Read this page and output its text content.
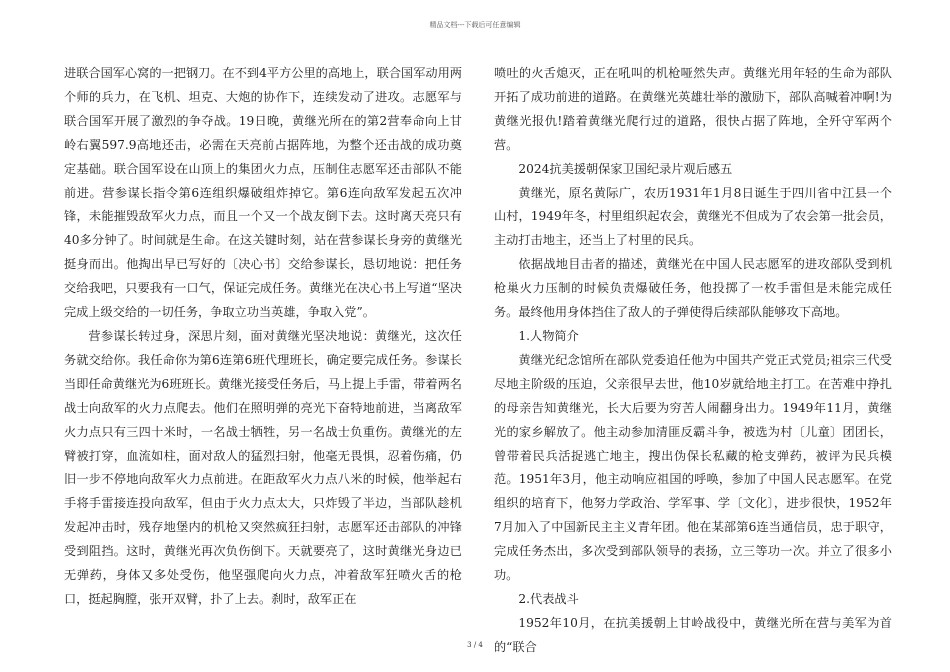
精品文档---下载后可任意编辑

进联合国军心窝的一把钢刀。在不到4平方公里的高地上，联合国军动用两个师的兵力，在飞机、坦克、大炮的协作下，连续发动了进攻。志愿军与联合国军开展了激烈的争夺战。19日晚，黄继光所在的第2营奉命向上甘岭右翼597.9高地还击，必需在天亮前占据阵地，为整个还击战的成功奠定基础。联合国军设在山顶上的集团火力点，压制住志愿军还击部队不能前进。营参谋长指令第6连组织爆破组炸掉它。第6连向敌军发起五次冲锋，未能摧毁敌军火力点，而且一个又一个战友倒下去。这时离天亮只有40多分钟了。时间就是生命。在这关键时刻，站在营参谋长身旁的黄继光挺身而出。他掏出早已写好的〔决心书〕交给参谋长，恳切地说：把任务交给我吧，只要我有一口气，保证完成任务。黄继光在决心书上写道“坚决完成上级交给的一切任务，争取立功当英雄，争取入党”。

营参谋长转过身，深思片刻，面对黄继光坚决地说：黄继光，这次任务就交给你。我任命你为第6连第6班代理班长，确定要完成任务。参谋长当即任命黄继光为6班班长。黄继光接受任务后，马上提上手雷，带着两名战士向敌军的火力点爬去。他们在照明弹的亮光下奋特地前进，当离敌军火力点只有三四十米时，一名战士牺牲，另一名战士负重伤。黄继光的左臂被打穿，血流如柱，面对敌人的猛烈扫射，他毫无畏惧，忍着伤痛，仍旧一步不停地向敌军火力点前进。在距敌军火力点八米的时候，他举起右手将手雷接连投向敌军，但由于火力点太大，只炸毁了半边，当部队趁机发起冲击时，残存地堡内的机枪又突然疯狂扫射，志愿军还击部队的冲锋受到阻挡。这时，黄继光再次负伤倒下。天就要亮了，这时黄继光身边已无弹药，身体又多处受伤，他坚强爬向火力点，冲着敌军狂喷火舌的枪口，挺起胸膛，张开双臂，扑了上去。刹时，敌军正在

喷吐的火舌熄灭，正在吼叫的机枪哑然失声。黄继光用年轻的生命为部队开拓了成功前进的道路。在黄继光英雄壮举的激励下，部队高喊着冲啊!为黄继光报仇!踏着黄继光爬行过的道路，很快占据了阵地，全歼守军两个营。

2024抗美援朝保家卫国纪录片观后感五

黄继光，原名黄际广，农历1931年1月8日诞生于四川省中江县一个山村，1949年冬，村里组织起农会，黄继光不但成为了农会第一批会员，主动打击地主，还当上了村里的民兵。

依据战地目击者的描述，黄继光在中国人民志愿军的进攻部队受到机枪巢火力压制的时候负责爆破任务，他投掷了一枚手雷但是未能完成任务。最终他用身体挡住了敌人的子弹使得后续部队能够攻下高地。

1.人物简介

黄继光纪念馆所在部队党委追任他为中国共产党正式党员;祖宗三代受尽地主阶级的压迫，父亲很早去世，他10岁就给地主打工。在苦难中挣扎的母亲告知黄继光，长大后要为穷苦人闹翻身出力。1949年11月，黄继光的家乡解放了。他主动参加清匪反霸斗争，被选为村〔儿童〕团团长，曾带着民兵活捉逃亡地主，搜出伪保长私藏的枪支弹药，被评为民兵模范。1951年3月，他主动响应祖国的呼唤，参加了中国人民志愿军。在党组织的培育下，他努力学政治、学军事、学〔文化〕，进步很快，1952年7月加入了中国新民主主义青年团。他在某部第6连当通信员，忠于职守，完成任务杰出，多次受到部队领导的表扬，立三等功一次。并立了很多小功。

2.代表战斗

1952年10月，在抗美援朝上甘岭战役中，黄继光所在营与美军为首的“联合

3 / 4
